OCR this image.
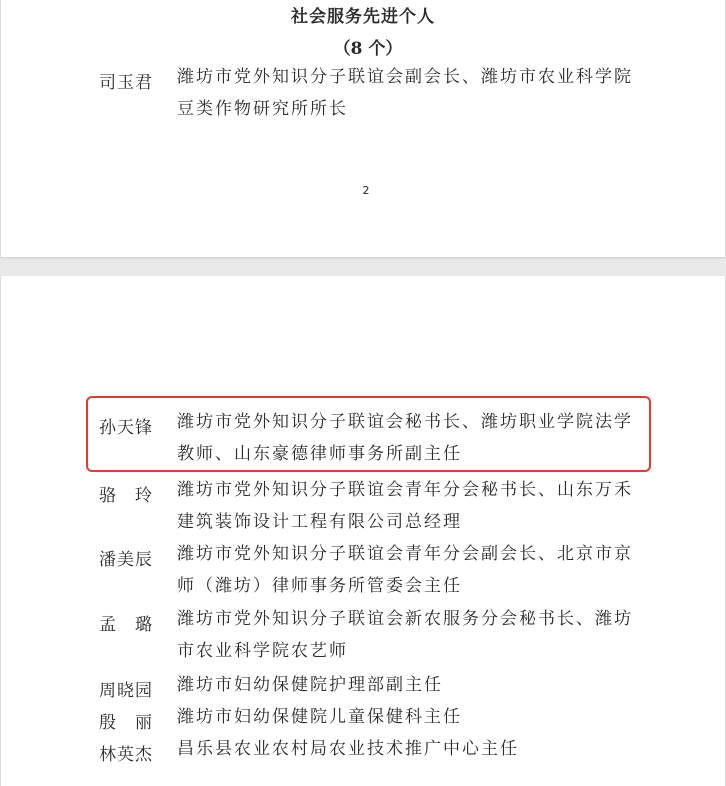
社会服务先进个人
（8 个）
司玉君	潍坊市党外知识分子联谊会副会长、潍坊市农业科学院豆类作物研究所所长
2
孙天锋	潍坊市党外知识分子联谊会秘书长、潍坊职业学院法学教师、山东豪德律师事务所副主任
骆　玲	潍坊市党外知识分子联谊会青年分会秘书长、山东万禾建筑装饰设计工程有限公司总经理
潘美辰	潍坊市党外知识分子联谊会青年分会副会长、北京市京师（潍坊）律师事务所管委会主任
孟　璐	潍坊市党外知识分子联谊会新农服务分会秘书长、潍坊市农业科学院农艺师
周晓园	潍坊市妇幼保健院护理部副主任
殷　丽	潍坊市妇幼保健院儿童保健科主任
林英杰	昌乐县农业农村局农业技术推广中心主任
